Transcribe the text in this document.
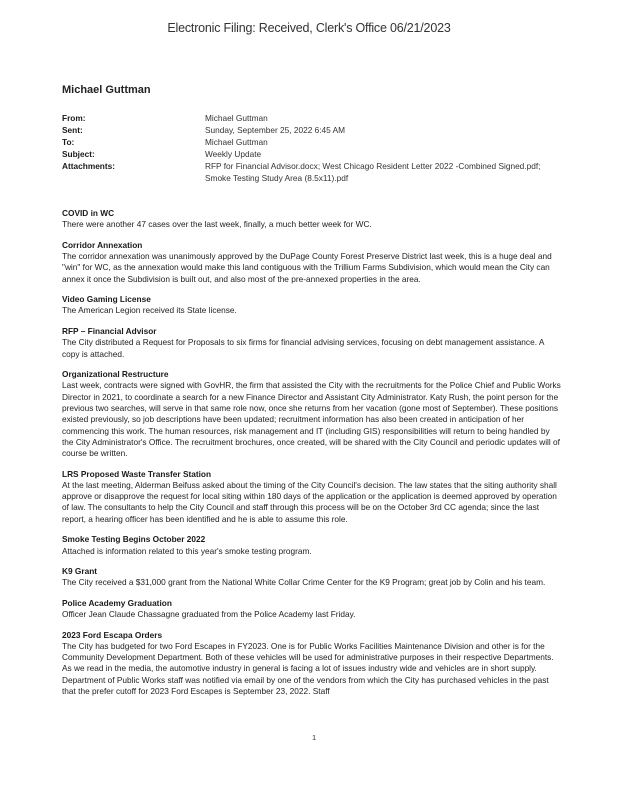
Electronic Filing: Received, Clerk's Office 06/21/2023
Michael Guttman
From:	Michael Guttman
Sent:	Sunday, September 25, 2022 6:45 AM
To:	Michael Guttman
Subject:	Weekly Update
Attachments:	RFP for Financial Advisor.docx; West Chicago Resident Letter 2022 -Combined Signed.pdf; Smoke Testing Study Area (8.5x11).pdf
COVID in WC
There were another 47 cases over the last week, finally, a much better week for WC.
Corridor Annexation
The corridor annexation was unanimously approved by the DuPage County Forest Preserve District last week, this is a huge deal and "win" for WC, as the annexation would make this land contiguous with the Trillium Farms Subdivision, which would mean the City can annex it once the Subdivision is built out, and also most of the pre-annexed properties in the area.
Video Gaming License
The American Legion received its State license.
RFP – Financial Advisor
The City distributed a Request for Proposals to six firms for financial advising services, focusing on debt management assistance. A copy is attached.
Organizational Restructure
Last week, contracts were signed with GovHR, the firm that assisted the City with the recruitments for the Police Chief and Public Works Director in 2021, to coordinate a search for a new Finance Director and Assistant City Administrator. Katy Rush, the point person for the previous two searches, will serve in that same role now, once she returns from her vacation (gone most of September). These positions existed previously, so job descriptions have been updated; recruitment information has also been created in anticipation of her commencing this work. The human resources, risk management and IT (including GIS) responsibilities will return to being handled by the City Administrator's Office. The recruitment brochures, once created, will be shared with the City Council and periodic updates will of course be written.
LRS Proposed Waste Transfer Station
At the last meeting, Alderman Beifuss asked about the timing of the City Council's decision. The law states that the siting authority shall approve or disapprove the request for local siting within 180 days of the application or the application is deemed approved by operation of law. The consultants to help the City Council and staff through this process will be on the October 3rd CC agenda; since the last report, a hearing officer has been identified and he is able to assume this role.
Smoke Testing Begins October 2022
Attached is information related to this year's smoke testing program.
K9 Grant
The City received a $31,000 grant from the National White Collar Crime Center for the K9 Program; great job by Colin and his team.
Police Academy Graduation
Officer Jean Claude Chassagne graduated from the Police Academy last Friday.
2023 Ford Escapa Orders
The City has budgeted for two Ford Escapes in FY2023. One is for Public Works Facilities Maintenance Division and other is for the Community Development Department. Both of these vehicles will be used for administrative purposes in their respective Departments. As we read in the media, the automotive industry in general is facing a lot of issues industry wide and vehicles are in short supply. Department of Public Works staff was notified via email by one of the vendors from which the City has purchased vehicles in the past that the prefer cutoff for 2023 Ford Escapes is September 23, 2022. Staff
1
